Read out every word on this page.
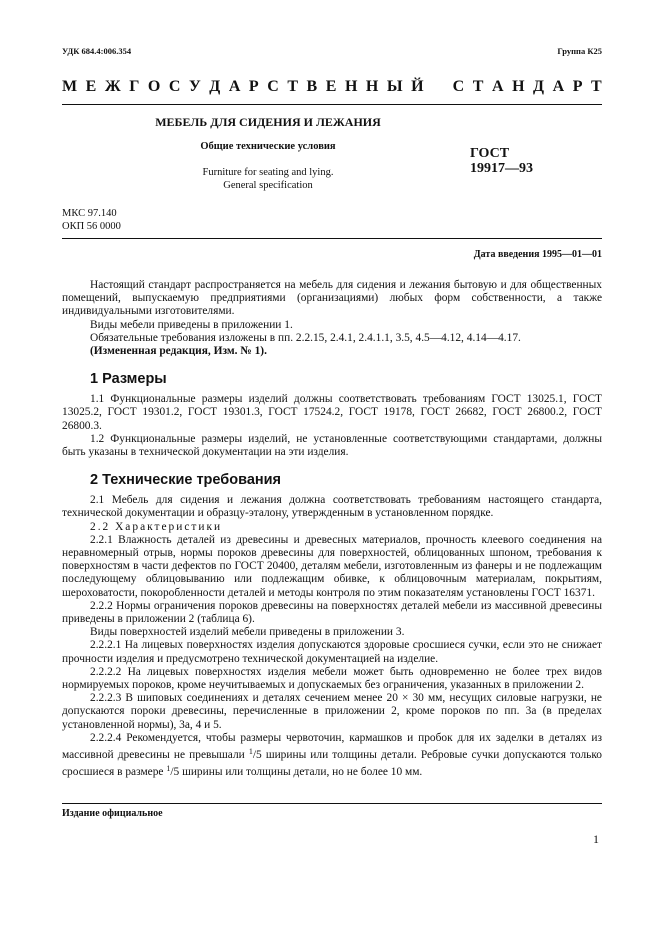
УДК 684.4:006.354	Группа К25
М Е Ж Г О С У Д А Р С Т В Е Н Н Ы Й
С Т А Н Д А Р Т
МЕБЕЛЬ ДЛЯ СИДЕНИЯ И ЛЕЖАНИЯ
Общие технические условия
Furniture for seating and lying.
General specification
ГОСТ
19917—93
МКС 97.140
ОКП 56 0000
Дата введения 1995—01—01
Настоящий стандарт распространяется на мебель для сидения и лежания бытовую и для общественных помещений, выпускаемую предприятиями (организациями) любых форм собственности, а также индивидуальными изготовителями.
Виды мебели приведены в приложении 1.
Обязательные требования изложены в пп. 2.2.15, 2.4.1, 2.4.1.1, 3.5, 4.5—4.12, 4.14—4.17.
(Измененная редакция, Изм. № 1).
1 Размеры
1.1 Функциональные размеры изделий должны соответствовать требованиям ГОСТ 13025.1, ГОСТ 13025.2, ГОСТ 19301.2, ГОСТ 19301.3, ГОСТ 17524.2, ГОСТ 19178, ГОСТ 26682, ГОСТ 26800.2, ГОСТ 26800.3.
1.2 Функциональные размеры изделий, не установленные соответствующими стандартами, должны быть указаны в технической документации на эти изделия.
2 Технические требования
2.1 Мебель для сидения и лежания должна соответствовать требованиям настоящего стандарта, технической документации и образцу-эталону, утвержденным в установленном порядке.
2.2 Характеристики
2.2.1 Влажность деталей из древесины и древесных материалов, прочность клеевого соединения на неравномерный отрыв, нормы пороков древесины для поверхностей, облицованных шпоном, требования к поверхностям в части дефектов по ГОСТ 20400, деталям мебели, изготовленным из фанеры и не подлежащим последующему облицовыванию или подлежащим обивке, к облицовочным материалам, покрытиям, шероховатости, покоробленности деталей и методы контроля по этим показателям установлены ГОСТ 16371.
2.2.2 Нормы ограничения пороков древесины на поверхностях деталей мебели из массивной древесины приведены в приложении 2 (таблица 6).
Виды поверхностей изделий мебели приведены в приложении 3.
2.2.2.1 На лицевых поверхностях изделия допускаются здоровые сросшиеся сучки, если это не снижает прочности изделия и предусмотрено технической документацией на изделие.
2.2.2.2 На лицевых поверхностях изделия мебели может быть одновременно не более трех видов нормируемых пороков, кроме неучитываемых и допускаемых без ограничения, указанных в приложении 2.
2.2.2.3 В шиповых соединениях и деталях сечением менее 20 × 30 мм, несущих силовые нагрузки, не допускаются пороки древесины, перечисленные в приложении 2, кроме пороков по пп. 3а (в пределах установленной нормы), 3а, 4 и 5.
2.2.2.4 Рекомендуется, чтобы размеры червоточин, кармашков и пробок для их заделки в деталях из массивной древесины не превышали $^1$/5 ширины или толщины детали. Ребровые сучки допускаются только сросшиеся в размере $^1$/5 ширины или толщины детали, но не более 10 мм.
Издание официальное
1
